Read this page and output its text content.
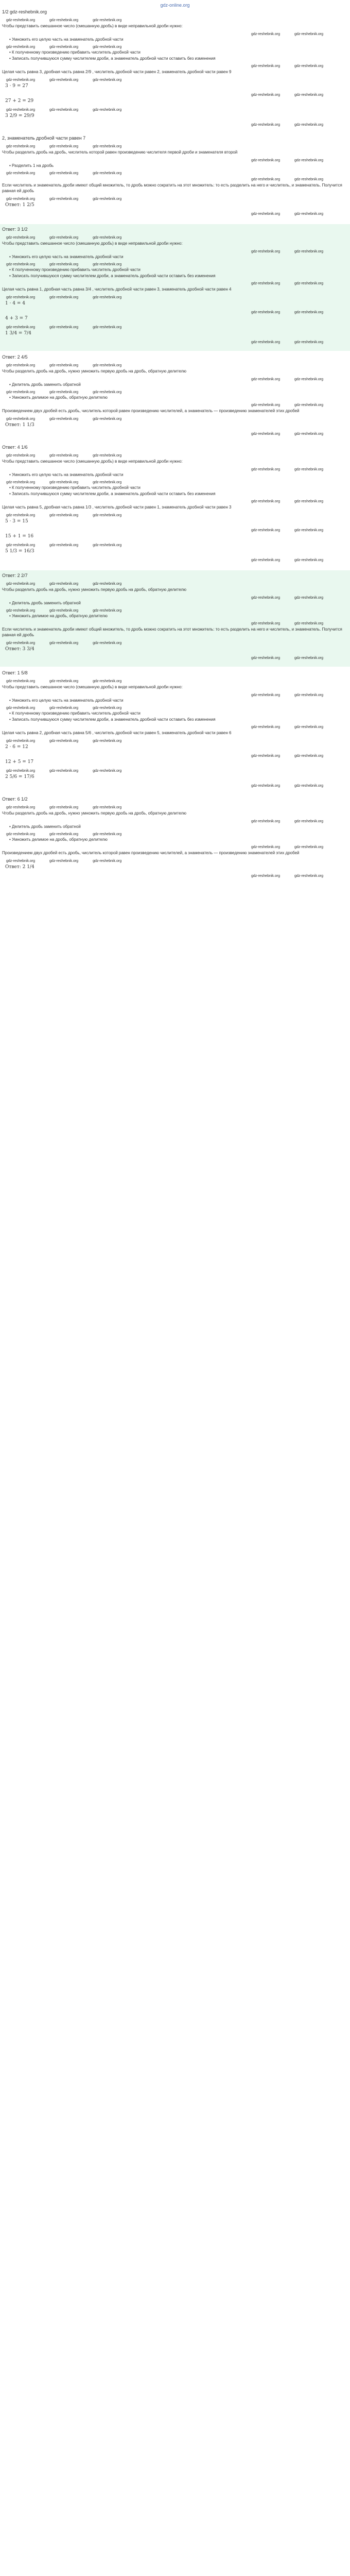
gdz-online.org
1/2 gdz-reshebnik.org
gdz-reshebnik.org	gdz-reshebnik.org	gdz-reshebnik.org
Чтобы представить смешанное число (смешанную дробь) в виде неправильной дроби нужно:
gdz-reshebnik.org	gdz-reshebnik.org
• Умножить его целую часть на знаменатель дробной части
gdz-reshebnik.org	gdz-reshebnik.org	gdz-reshebnik.org
• К полученному произведению прибавить числитель дробной части
• Записать получившуюся сумму числителем дроби, а знаменатель дробной части оставить без изменения
gdz-reshebnik.org	gdz-reshebnik.org
Целая часть равна 3, дробная часть равна 2/9 , числитель дробной части равен 2, знаменатель дробной части равен 9
gdz-reshebnik.org	gdz-reshebnik.org	gdz-reshebnik.org
3 · 9 = 27
gdz-reshebnik.org	gdz-reshebnik.org
27 + 2 = 29
gdz-reshebnik.org	gdz-reshebnik.org	gdz-reshebnik.org
3 2/9 = 29/9
gdz-reshebnik.org	gdz-reshebnik.org
2, знаменатель дробной части равен 7
gdz-reshebnik.org	gdz-reshebnik.org	gdz-reshebnik.org
Чтобы разделить дробь на дробь, числитель которой равен произведению числителя первой дроби и знаменателя второй
gdz-reshebnik.org	gdz-reshebnik.org
• Разделить 1 на дробь
gdz-reshebnik.org	gdz-reshebnik.org	gdz-reshebnik.org
gdz-reshebnik.org	gdz-reshebnik.org
Если числитель и знаменатель дроби имеют общий множитель, то дробь можно сократить на этот множитель: то есть разделить на него и числитель, и знаменатель. Получится равная ей дробь
gdz-reshebnik.org	gdz-reshebnik.org	gdz-reshebnik.org
Ответ: 1 2/5
gdz-reshebnik.org	gdz-reshebnik.org
Ответ: 3 1/2
gdz-reshebnik.org	gdz-reshebnik.org	gdz-reshebnik.org
Чтобы представить смешанное число (смешанную дробь) в виде неправильной дроби нужно:
gdz-reshebnik.org	gdz-reshebnik.org
• Умножить его целую часть на знаменатель дробной части
gdz-reshebnik.org	gdz-reshebnik.org	gdz-reshebnik.org
• К полученному произведению прибавить числитель дробной части
• Записать получившуюся сумму числителем дроби, а знаменатель дробной части оставить без изменения
gdz-reshebnik.org	gdz-reshebnik.org
Целая часть равна 1, дробная часть равна 3/4 , числитель дробной части равен 3, знаменатель дробной части равен 4
gdz-reshebnik.org	gdz-reshebnik.org	gdz-reshebnik.org
1 · 4 = 4
gdz-reshebnik.org	gdz-reshebnik.org
4 + 3 = 7
gdz-reshebnik.org	gdz-reshebnik.org	gdz-reshebnik.org
1 3/4 = 7/4
gdz-reshebnik.org	gdz-reshebnik.org
Ответ: 2 4/5
gdz-reshebnik.org	gdz-reshebnik.org	gdz-reshebnik.org
Чтобы разделить дробь на дробь, нужно умножить первую дробь на дробь, обратную делителю
gdz-reshebnik.org	gdz-reshebnik.org
• Делитель дробь заменить обратной
gdz-reshebnik.org	gdz-reshebnik.org	gdz-reshebnik.org
• Умножить делимое на дробь, обратную делителю
gdz-reshebnik.org	gdz-reshebnik.org
Произведением двух дробей есть дробь, числитель которой равен произведению числителей, а знаменатель — произведению знаменателей этих дробей
gdz-reshebnik.org	gdz-reshebnik.org	gdz-reshebnik.org
Ответ: 1 1/3
gdz-reshebnik.org	gdz-reshebnik.org
Ответ: 4 1/6
gdz-reshebnik.org	gdz-reshebnik.org	gdz-reshebnik.org
Чтобы представить смешанное число (смешанную дробь) в виде неправильной дроби нужно:
gdz-reshebnik.org	gdz-reshebnik.org
• Умножить его целую часть на знаменатель дробной части
gdz-reshebnik.org	gdz-reshebnik.org	gdz-reshebnik.org
• К полученному произведению прибавить числитель дробной части
• Записать получившуюся сумму числителем дроби, а знаменатель дробной части оставить без изменения
gdz-reshebnik.org	gdz-reshebnik.org
Целая часть равна 5, дробная часть равна 1/3 , числитель дробной части равен 1, знаменатель дробной части равен 3
gdz-reshebnik.org	gdz-reshebnik.org	gdz-reshebnik.org
5 · 3 = 15
gdz-reshebnik.org	gdz-reshebnik.org
15 + 1 = 16
gdz-reshebnik.org	gdz-reshebnik.org	gdz-reshebnik.org
5 1/3 = 16/3
gdz-reshebnik.org	gdz-reshebnik.org
Ответ: 2 2/7
gdz-reshebnik.org	gdz-reshebnik.org	gdz-reshebnik.org
Чтобы разделить дробь на дробь, нужно умножить первую дробь на дробь, обратную делителю
gdz-reshebnik.org	gdz-reshebnik.org
• Делитель дробь заменить обратной
gdz-reshebnik.org	gdz-reshebnik.org	gdz-reshebnik.org
• Умножить делимое на дробь, обратную делителю
gdz-reshebnik.org	gdz-reshebnik.org
Если числитель и знаменатель дроби имеют общий множитель, то дробь можно сократить на этот множитель: то есть разделить на него и числитель, и знаменатель. Получится равная ей дробь
gdz-reshebnik.org	gdz-reshebnik.org	gdz-reshebnik.org
Ответ: 3 3/4
gdz-reshebnik.org	gdz-reshebnik.org
Ответ: 1 5/8
gdz-reshebnik.org	gdz-reshebnik.org	gdz-reshebnik.org
Чтобы представить смешанное число (смешанную дробь) в виде неправильной дроби нужно:
gdz-reshebnik.org	gdz-reshebnik.org
• Умножить его целую часть на знаменатель дробной части
gdz-reshebnik.org	gdz-reshebnik.org	gdz-reshebnik.org
• К полученному произведению прибавить числитель дробной части
• Записать получившуюся сумму числителем дроби, а знаменатель дробной части оставить без изменения
gdz-reshebnik.org	gdz-reshebnik.org
Целая часть равна 2, дробная часть равна 5/6 , числитель дробной части равен 5, знаменатель дробной части равен 6
gdz-reshebnik.org	gdz-reshebnik.org	gdz-reshebnik.org
2 · 6 = 12
gdz-reshebnik.org	gdz-reshebnik.org
12 + 5 = 17
gdz-reshebnik.org	gdz-reshebnik.org	gdz-reshebnik.org
2 5/6 = 17/6
gdz-reshebnik.org	gdz-reshebnik.org
Ответ: 6 1/2
gdz-reshebnik.org	gdz-reshebnik.org	gdz-reshebnik.org
Чтобы разделить дробь на дробь, нужно умножить первую дробь на дробь, обратную делителю
gdz-reshebnik.org	gdz-reshebnik.org
• Делитель дробь заменить обратной
gdz-reshebnik.org	gdz-reshebnik.org	gdz-reshebnik.org
• Умножить делимое на дробь, обратную делителю
gdz-reshebnik.org	gdz-reshebnik.org
Произведением двух дробей есть дробь, числитель которой равен произведению числителей, а знаменатель — произведению знаменателей этих дробей
gdz-reshebnik.org	gdz-reshebnik.org	gdz-reshebnik.org
Ответ: 2 1/4
gdz-reshebnik.org	gdz-reshebnik.org
